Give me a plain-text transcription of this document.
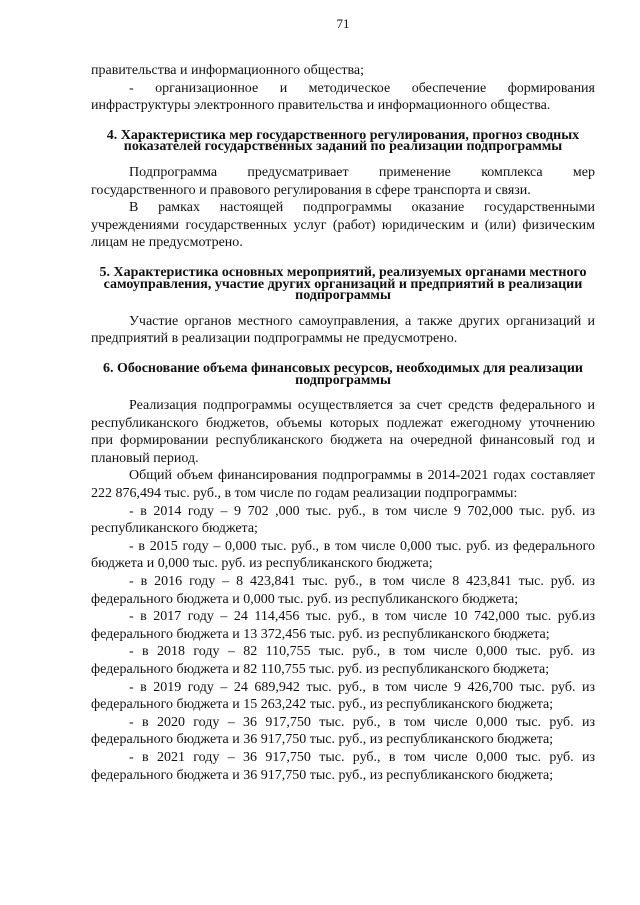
71

правительства и информационного общества;

- организационное и методическое обеспечение формирования инфраструктуры электронного правительства и информационного общества.

4. Характеристика мер государственного регулирования, прогноз сводных показателей государственных заданий по реализации подпрограммы

Подпрограмма предусматривает применение комплекса мер государственного и правового регулирования в сфере транспорта и связи.

В рамках настоящей подпрограммы оказание государственными учреждениями государственных услуг (работ) юридическим и (или) физическим лицам не предусмотрено.

5. Характеристика основных мероприятий, реализуемых органами местного самоуправления, участие других организаций и предприятий в реализации подпрограммы

Участие органов местного самоуправления, а также других организаций и предприятий в реализации подпрограммы не предусмотрено.

6. Обоснование объема финансовых ресурсов, необходимых для реализации подпрограммы

Реализация подпрограммы осуществляется за счет средств федерального и республиканского бюджетов, объемы которых подлежат ежегодному уточнению при формировании республиканского бюджета на очередной финансовый год и плановый период.

Общий объем финансирования подпрограммы в 2014-2021 годах составляет 222 876,494 тыс. руб., в том числе по годам реализации подпрограммы:

- в 2014 году – 9 702 ,000 тыс. руб., в том числе 9 702,000 тыс. руб. из республиканского бюджета;
- в 2015 году – 0,000 тыс. руб., в том числе 0,000 тыс. руб. из федерального бюджета и 0,000 тыс. руб. из республиканского бюджета;
- в 2016 году – 8 423,841 тыс. руб., в том числе 8 423,841 тыс. руб. из федерального бюджета и 0,000 тыс. руб. из республиканского бюджета;
- в 2017 году – 24 114,456 тыс. руб., в том числе 10 742,000 тыс. руб.из федерального бюджета и 13 372,456 тыс. руб. из республиканского бюджета;
- в 2018 году – 82 110,755 тыс. руб., в том числе 0,000 тыс. руб. из федерального бюджета и 82 110,755 тыс. руб. из республиканского бюджета;
- в 2019 году – 24 689,942 тыс. руб., в том числе 9 426,700 тыс. руб. из федерального бюджета и 15 263,242 тыс. руб., из республиканского бюджета;
- в 2020 году – 36 917,750 тыс. руб., в том числе 0,000 тыс. руб. из федерального бюджета и 36 917,750 тыс. руб., из республиканского бюджета;
- в 2021 году – 36 917,750 тыс. руб., в том числе 0,000 тыс. руб. из федерального бюджета и 36 917,750 тыс. руб., из республиканского бюджета;
